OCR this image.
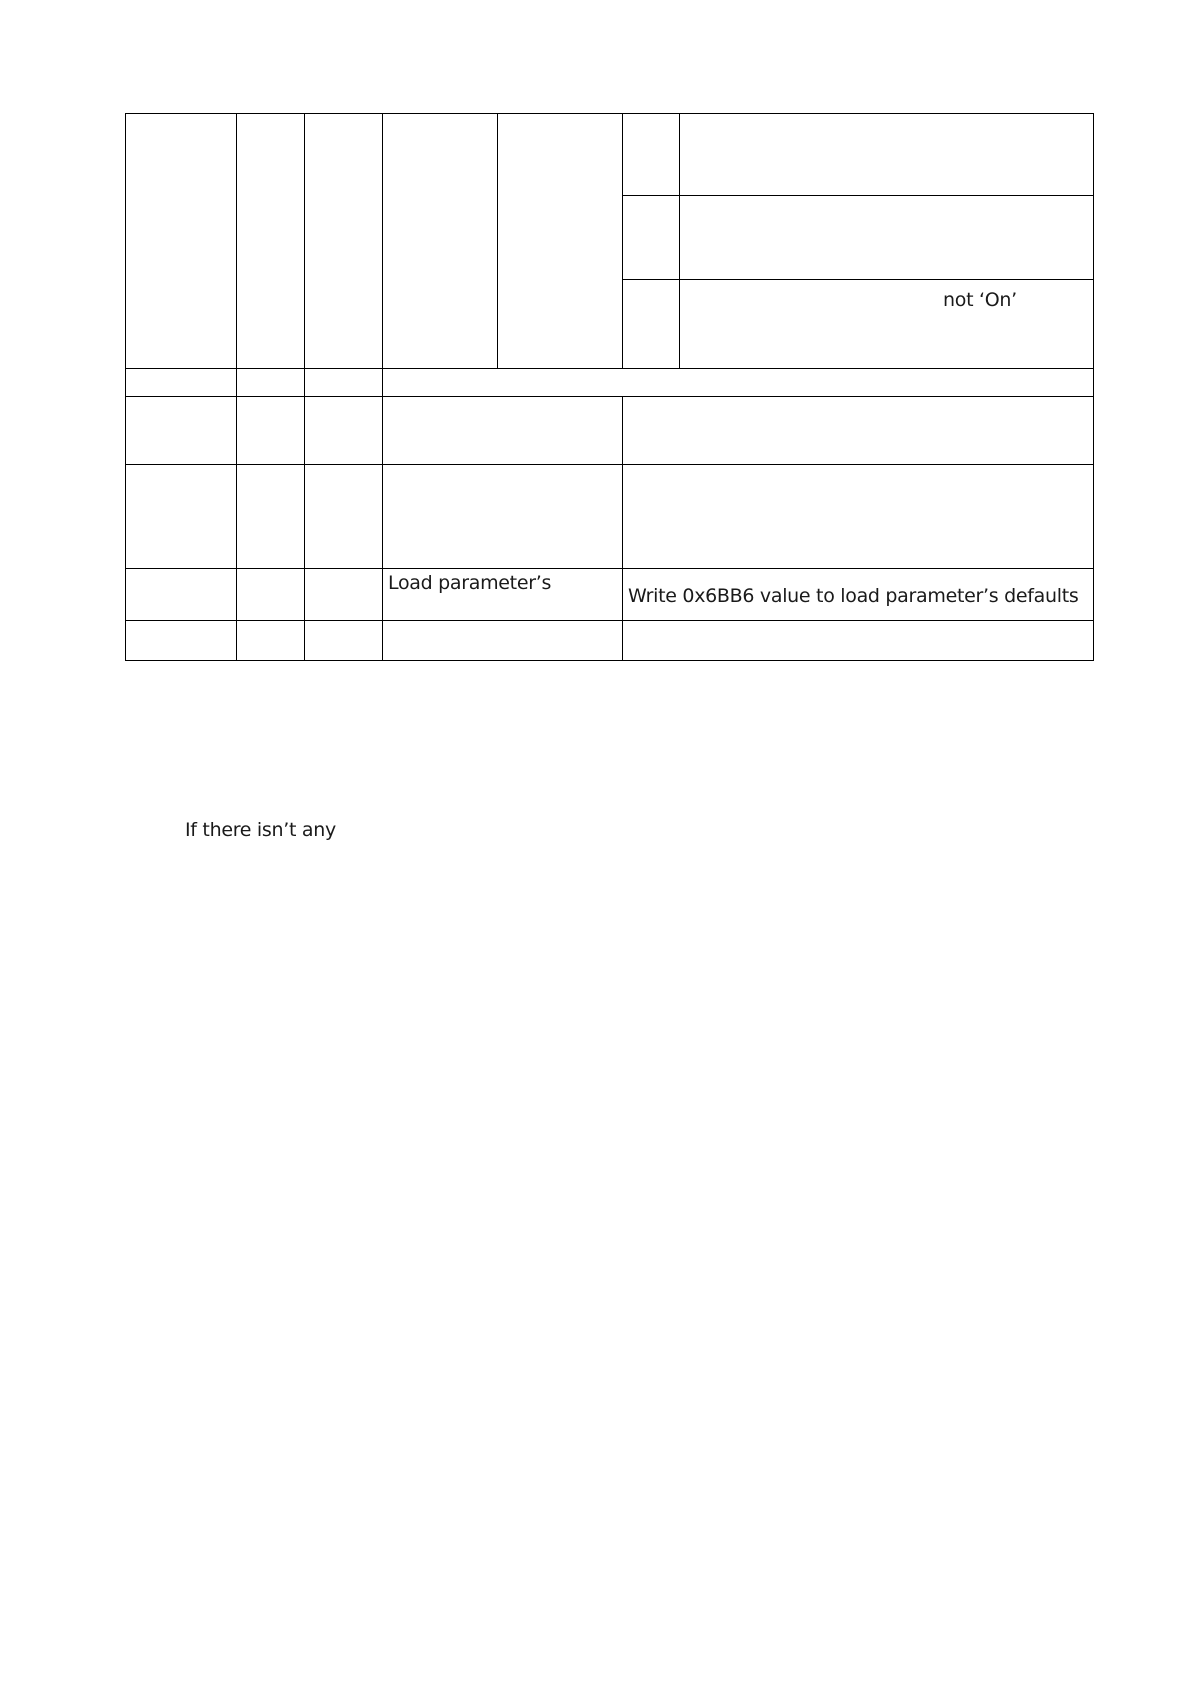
not ‘On’
Load parameter’s
Write 0x6BB6 value to load parameter’s defaults
If there isn’t any
